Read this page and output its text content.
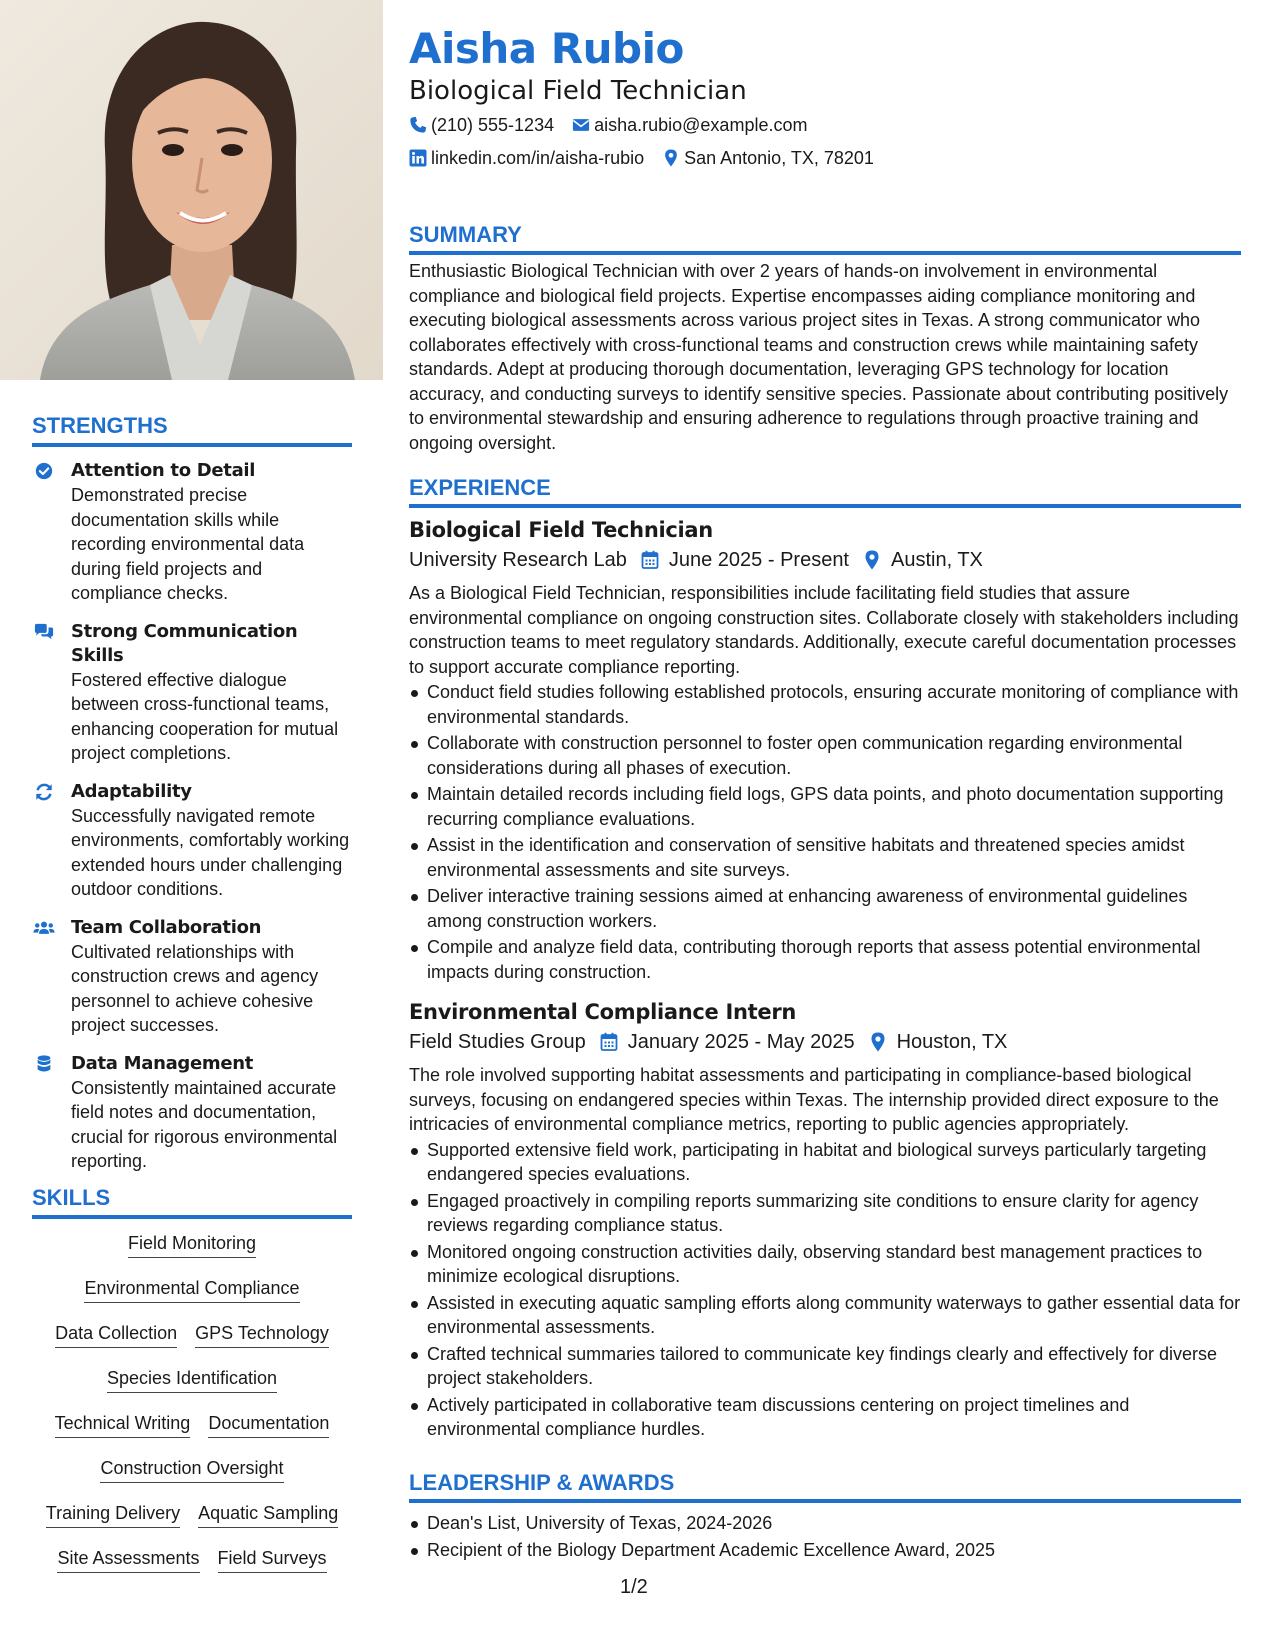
STRENGTHS
Attention to Detail
Demonstrated precise documentation skills while recording environmental data during field projects and compliance checks.
Strong Communication Skills
Fostered effective dialogue between cross-functional teams, enhancing cooperation for mutual project completions.
Adaptability
Successfully navigated remote environments, comfortably working extended hours under challenging outdoor conditions.
Team Collaboration
Cultivated relationships with construction crews and agency personnel to achieve cohesive project successes.
Data Management
Consistently maintained accurate field notes and documentation, crucial for rigorous environmental reporting.
SKILLS
Field Monitoring
Environmental Compliance
Data Collection GPS Technology
Species Identification
Technical Writing Documentation
Construction Oversight
Training Delivery Aquatic Sampling
Site Assessments Field Surveys
Aisha Rubio
Biological Field Technician
(210) 555-1234 aisha.rubio@example.com
linkedin.com/in/aisha-rubio San Antonio, TX, 78201
SUMMARY
Enthusiastic Biological Technician with over 2 years of hands-on involvement in environmental compliance and biological field projects. Expertise encompasses aiding compliance monitoring and executing biological assessments across various project sites in Texas. A strong communicator who collaborates effectively with cross-functional teams and construction crews while maintaining safety standards. Adept at producing thorough documentation, leveraging GPS technology for location accuracy, and conducting surveys to identify sensitive species. Passionate about contributing positively to environmental stewardship and ensuring adherence to regulations through proactive training and ongoing oversight.
EXPERIENCE
Biological Field Technician
University Research Lab June 2025 - Present Austin, TX
As a Biological Field Technician, responsibilities include facilitating field studies that assure environmental compliance on ongoing construction sites. Collaborate closely with stakeholders including construction teams to meet regulatory standards. Additionally, execute careful documentation processes to support accurate compliance reporting.
Conduct field studies following established protocols, ensuring accurate monitoring of compliance with environmental standards.
Collaborate with construction personnel to foster open communication regarding environmental considerations during all phases of execution.
Maintain detailed records including field logs, GPS data points, and photo documentation supporting recurring compliance evaluations.
Assist in the identification and conservation of sensitive habitats and threatened species amidst environmental assessments and site surveys.
Deliver interactive training sessions aimed at enhancing awareness of environmental guidelines among construction workers.
Compile and analyze field data, contributing thorough reports that assess potential environmental impacts during construction.
Environmental Compliance Intern
Field Studies Group January 2025 - May 2025 Houston, TX
The role involved supporting habitat assessments and participating in compliance-based biological surveys, focusing on endangered species within Texas. The internship provided direct exposure to the intricacies of environmental compliance metrics, reporting to public agencies appropriately.
Supported extensive field work, participating in habitat and biological surveys particularly targeting endangered species evaluations.
Engaged proactively in compiling reports summarizing site conditions to ensure clarity for agency reviews regarding compliance status.
Monitored ongoing construction activities daily, observing standard best management practices to minimize ecological disruptions.
Assisted in executing aquatic sampling efforts along community waterways to gather essential data for environmental assessments.
Crafted technical summaries tailored to communicate key findings clearly and effectively for diverse project stakeholders.
Actively participated in collaborative team discussions centering on project timelines and environmental compliance hurdles.
LEADERSHIP & AWARDS
Dean's List, University of Texas, 2024-2026
Recipient of the Biology Department Academic Excellence Award, 2025
1/2
